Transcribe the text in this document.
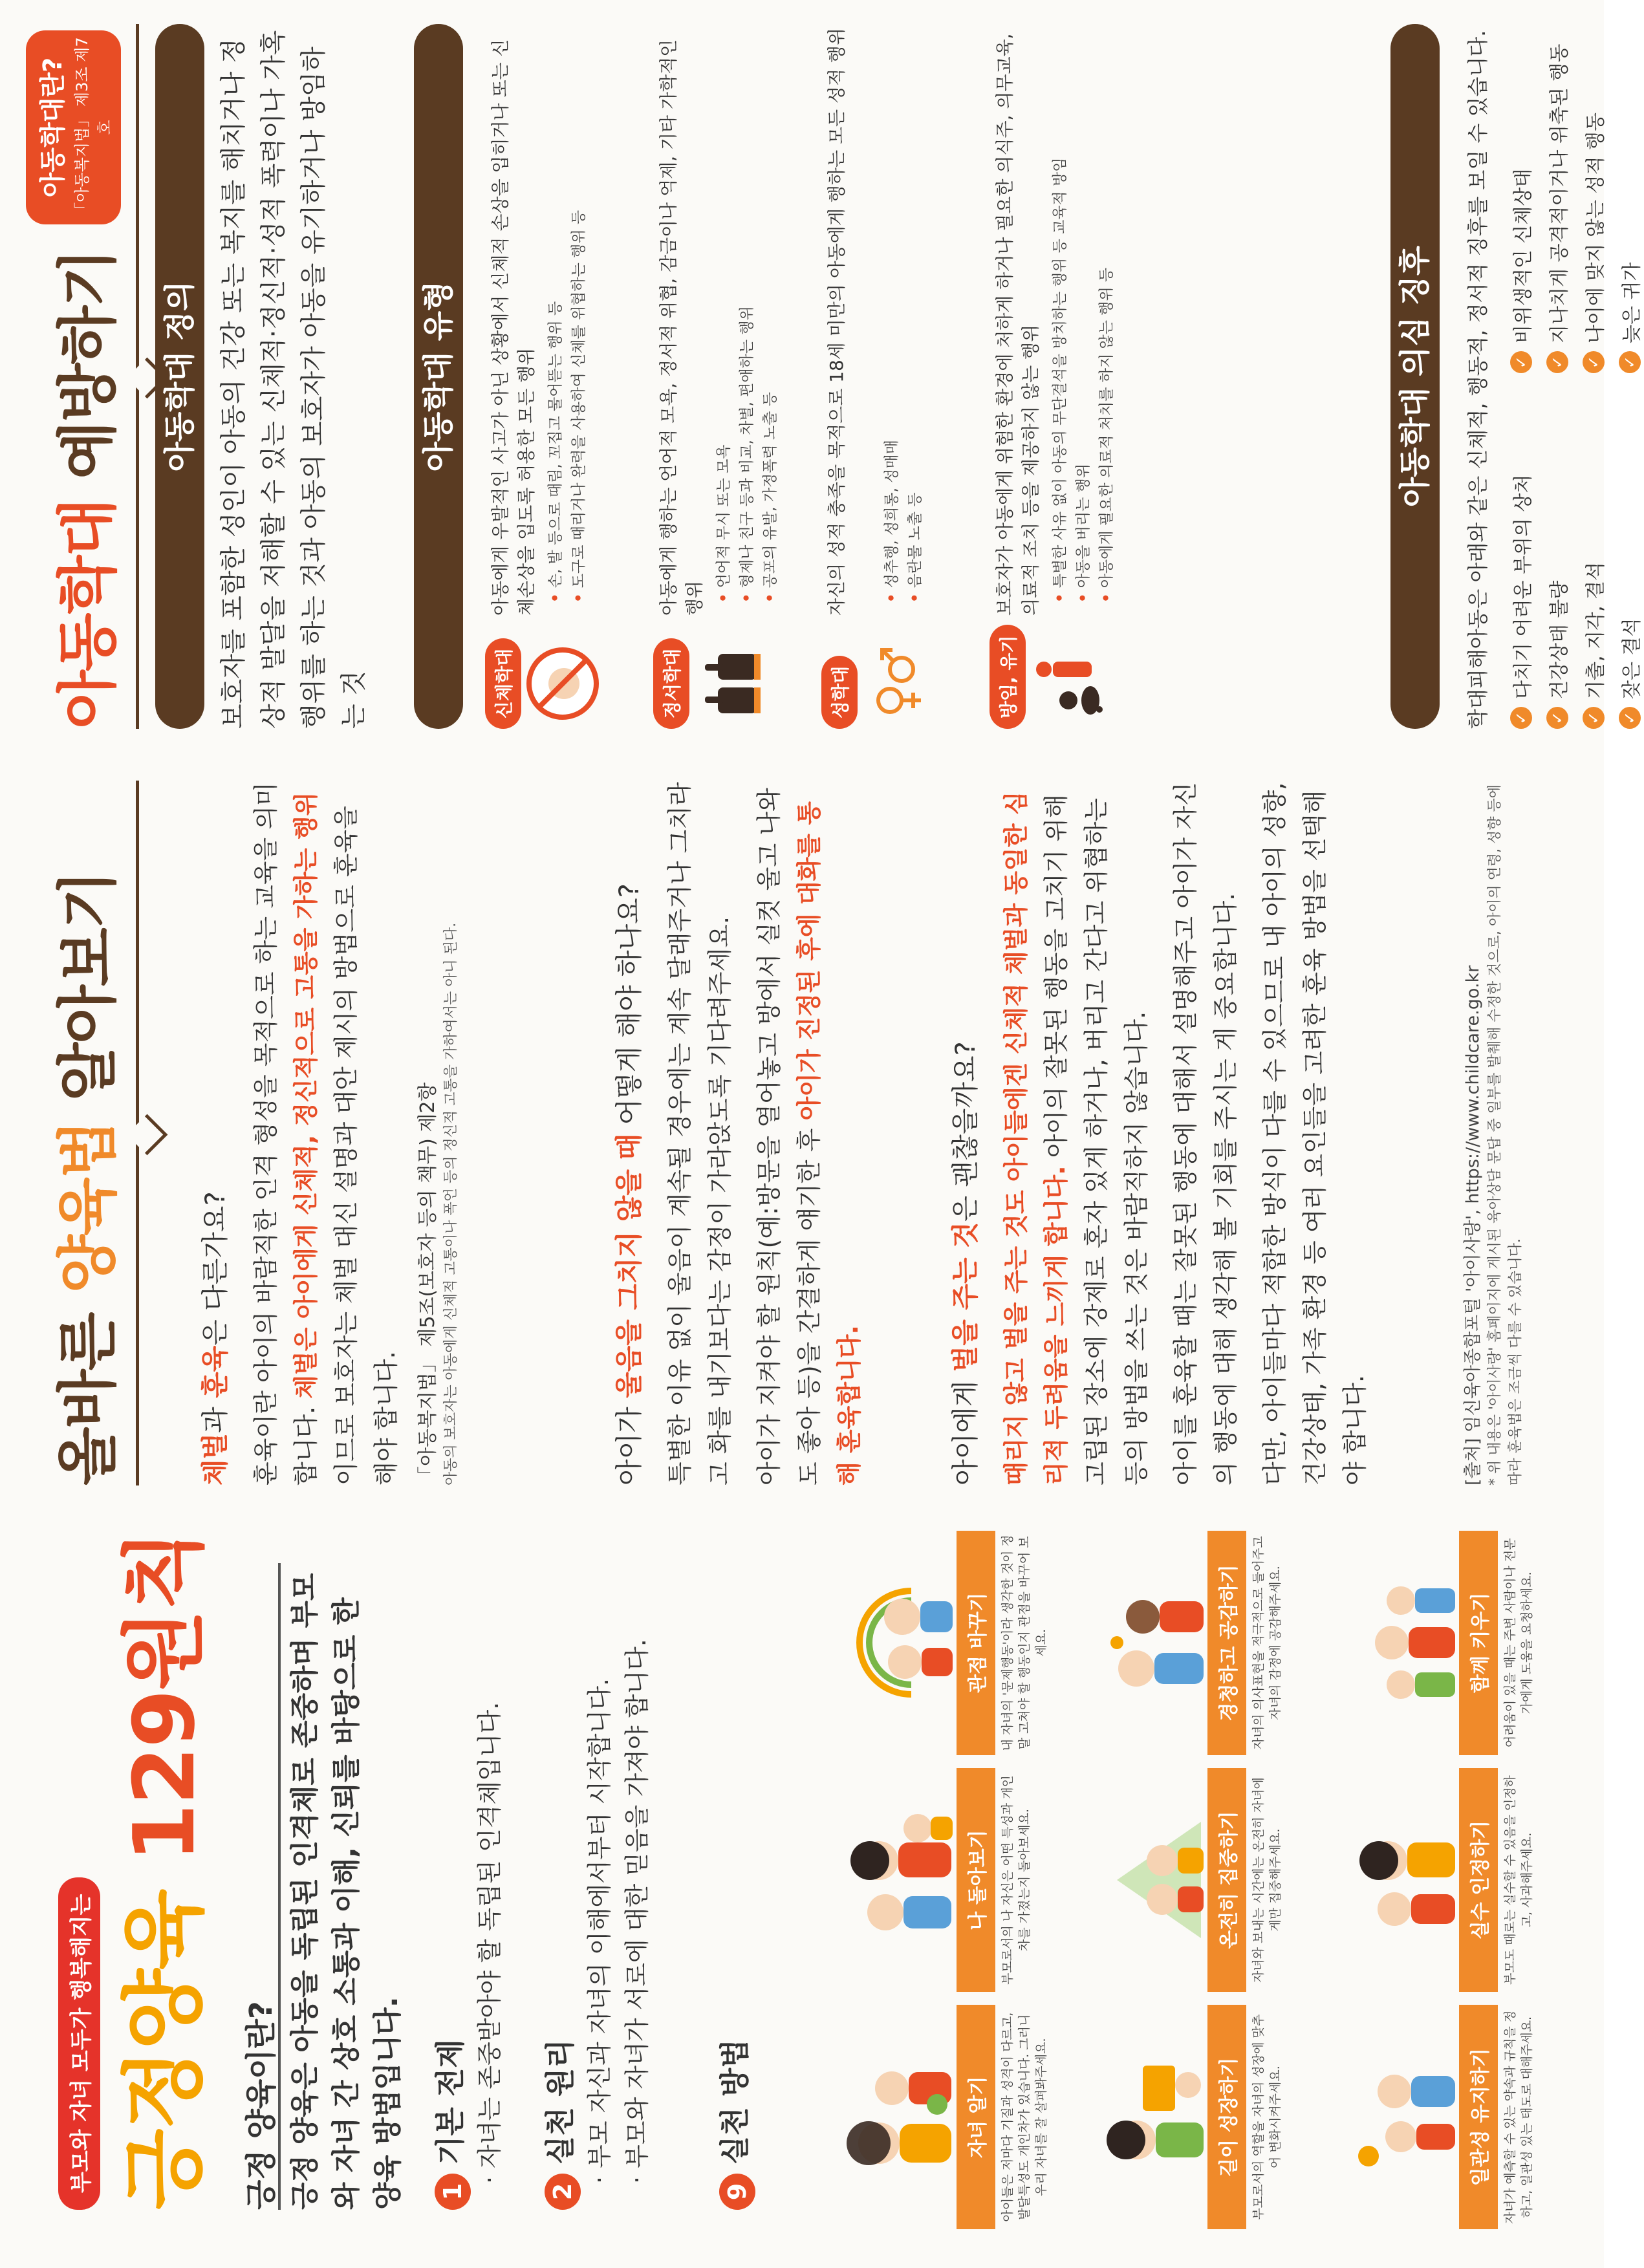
부모와 자녀 모두가 행복해지는 긍정양육 129원칙
긍정 양육이란? 긍정 양육은 아동을 독립된 인격체로 존중하며 부모와 자녀 간 상호 소통과 이해, 신뢰를 바탕으로 한 양육 방법입니다.	1기본 전제 · 자녀는 존중받아야 할 독립된 인격체입니다.

2실천 원리 · 부모 자신과 자녀의 이해에서부터 시작합니다. · 부모와 자녀가 서로에 대한 믿음을 가져야 합니다.

9실천 방법	자녀 알기 아이들은 저마다 기질과 성격이 다르고, 발달특성도 개인차가 있습니다. 그러니 우리 자녀를 잘 살펴봐주세요.
나 돌아보기 부모로서의 나 자신은 어떤 특성과 개인차를 가졌는지 돌아보세요.
관점 바꾸기 내 자녀의 '문제행동'이라 생각한 것이 정말 고쳐야 할 행동인지 관점을 바꾸어 보세요.
길이 성장하기 부모로서의 역할을 자녀의 성장에 맞추어 변화시켜주세요.
온전히 집중하기 자녀와 보내는 시간에는 온전히 자녀에게만 집중해주세요.
경청하고 공감하기 자녀의 의사표현을 적극적으로 들어주고 자녀의 감정에 공감해주세요.
일관성 유지하기 자녀가 예측할 수 있는 약속과 규칙을 정하고, 일관성 있는 태도로 대해주세요.
실수 인정하기 부모도 때로는 실수할 수 있음을 인정하고, 사과해주세요.
함께 키우기 어려움이 있을 때는 주변 사람이나 전문가에게 도움을 요청하세요.
올바른 양육법 알아보기

체벌과 훈육은 다른가요? 훈육이란 아이의 바람직한 인격 형성을 목적으로 하는 교육을 의미합니다. 체벌은 아이에게 신체적, 정신적으로 고통을 가하는 행위 이므로 보호자는 체벌 대신 설명과 대안 제시의 방법으로 훈육을 해야 합니다. 「아동복지법」 제5조(보호자 등의 책무) 제2항 아동의 보호자는 아동에게 신체적 고통이나 폭언 등의 정신적 고통을 가하여서는 아니 된다.	아이가 울음을 그치지 않을 때 어떻게 해야 하나요? 특별한 이유 없이 울음이 계속될 경우에는 계속 달래주거나 그치라고 화를 내기보다는 감정이 가라앉도록 기다려주세요. 아이가 지켜야 할 원칙(예:방문을 열어놓고 방에서 실컷 울고 나와도 좋아 등)을 간결하게 얘기한 후 아이가 진정된 후에 대화를 통해 훈육합니다.	아이에게 벌을 주는 것은 괜찮을까요? 때리지 않고 벌을 주는 것도 아이들에겐 신체적 체벌과 동일한 심리적 두려움을 느끼게 합니다. 아이의 잘못된 행동을 고치기 위해 고립된 장소에 강제로 혼자 있게 하거나, 버리고 간다고 위협하는 등의 방법을 쓰는 것은 바람직하지 않습니다. 아이를 훈육할 때는 잘못된 행동에 대해서 설명해주고 아이가 자신의 행동에 대해 생각해 볼 기회를 주시는 게 중요합니다. 다만, 아이들마다 적합한 방식이 다를 수 있으므로 내 아이의 성향, 건강상태, 가족 환경 등 여러 요인들을 고려한 훈육 방법을 선택해야 합니다.	[출처] 임신육아종합포털 '아이사랑', https://www.childcare.go.kr * 위 내용은 '아이사랑' 홈페이지에 게시된 육아상담 문답 중 일부를 발췌해 수정한 것으로, 아이의 연령, 성향 등에 따라 훈육법은 조금씩 다를 수 있습니다.

아동학대 예방하기
아동학대란? 「아동복지법」 제3조 제7호
아동학대 정의 보호자를 포함한 성인이 아동의 건강 또는 복지를 해치거나 정상적 발달을 저해할 수 있는 신체적·정신적·성적 폭력이나 가혹행위를 하는 것과 아동의 보호자가 아동을 유기하거나 방임하는 것

아동학대 유형
신체학대

아동에게 우발적인 사고가 아닌 상황에서 신체적 손상을 입히거나 또는 신체손상을 입도록 허용한 모든 행위 •손, 발 등으로 때림, 꼬집고 물어뜯는 행위 등

•도구로 때리거나 완력을 사용하여 신체를 위협하는 행위 등

정서학대

아동에게 행하는 언어적 모욕, 정서적 위협, 감금이나 억제, 기타 가학적인 행위 •언어적 무시 또는 모욕

•형제나 친구 등과 비교, 차별, 편애하는 행위

•공포의 유발, 가정폭력 노출 등

성학대

자신의 성적 충족을 목적으로 18세 미만의 아동에게 행하는 모든 성적 행위 •성추행, 성희롱, 성매매

•음란물 노출 등

방임, 유기

보호자가 아동에게 위험한 환경에 처하게 하거나 필요한 의식주, 의무교육, 의료적 조치 등을 제공하지 않는 행위 •특별한 사유 없이 아동의 무단결석을 방치하는 행위 등 교육적 방임

•아동을 버리는 행위

•아동에게 필요한 의료적 처치를 하지 않는 행위 등	아동학대 의심 징후	학대피해아동은 아래와 같은 신체적, 행동적, 정서적 징후를 보일 수 있습니다. ✓
다치기 어려운 부위의 상처
✓
비위생적인 신체상태
✓
건강상태 불량
✓
지나치게 공격적이거나 위축된 행동
✓
기출, 지각, 결석
✓
나이에 맞지 않는 성적 행동
✓
잦은 결석
✓
늦은 귀가
